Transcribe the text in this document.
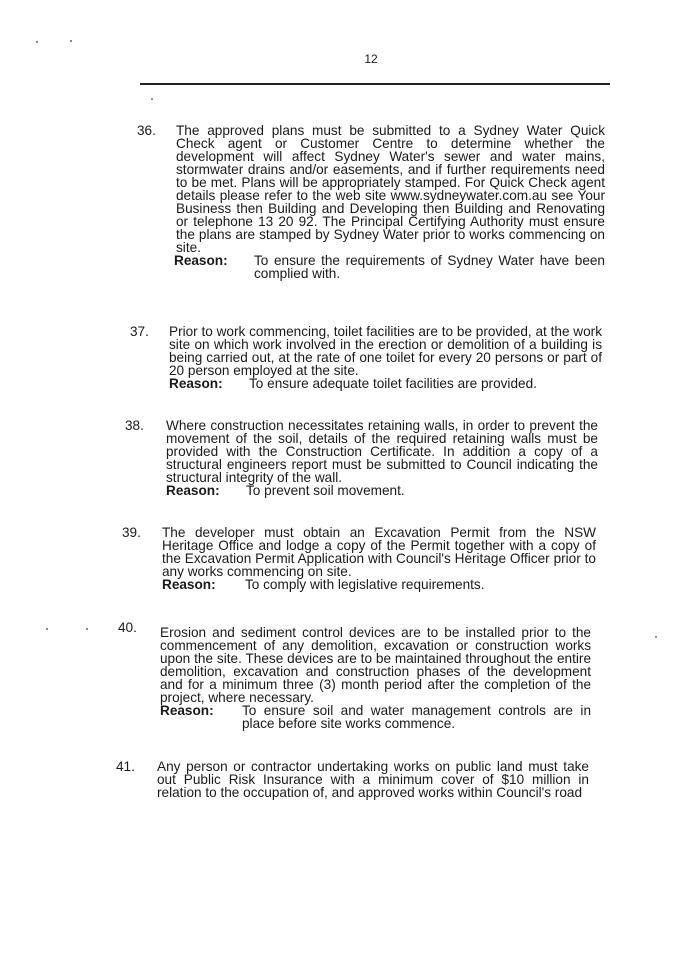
12
36. The approved plans must be submitted to a Sydney Water Quick Check agent or Customer Centre to determine whether the development will affect Sydney Water's sewer and water mains, stormwater drains and/or easements, and if further requirements need to be met. Plans will be appropriately stamped. For Quick Check agent details please refer to the web site www.sydneywater.com.au see Your Business then Building and Developing then Building and Renovating or telephone 13 20 92. The Principal Certifying Authority must ensure the plans are stamped by Sydney Water prior to works commencing on site.
Reason:	To ensure the requirements of Sydney Water have been complied with.
37. Prior to work commencing, toilet facilities are to be provided, at the work site on which work involved in the erection or demolition of a building is being carried out, at the rate of one toilet for every 20 persons or part of 20 person employed at the site.
Reason:	To ensure adequate toilet facilities are provided.
38. Where construction necessitates retaining walls, in order to prevent the movement of the soil, details of the required retaining walls must be provided with the Construction Certificate. In addition a copy of a structural engineers report must be submitted to Council indicating the structural integrity of the wall.
Reason:	To prevent soil movement.
39. The developer must obtain an Excavation Permit from the NSW Heritage Office and lodge a copy of the Permit together with a copy of the Excavation Permit Application with Council's Heritage Officer prior to any works commencing on site.
Reason:	To comply with legislative requirements.
40. Erosion and sediment control devices are to be installed prior to the commencement of any demolition, excavation or construction works upon the site. These devices are to be maintained throughout the entire demolition, excavation and construction phases of the development and for a minimum three (3) month period after the completion of the project, where necessary.
Reason:	To ensure soil and water management controls are in place before site works commence.
41. Any person or contractor undertaking works on public land must take out Public Risk Insurance with a minimum cover of $10 million in relation to the occupation of, and approved works within Council's road
